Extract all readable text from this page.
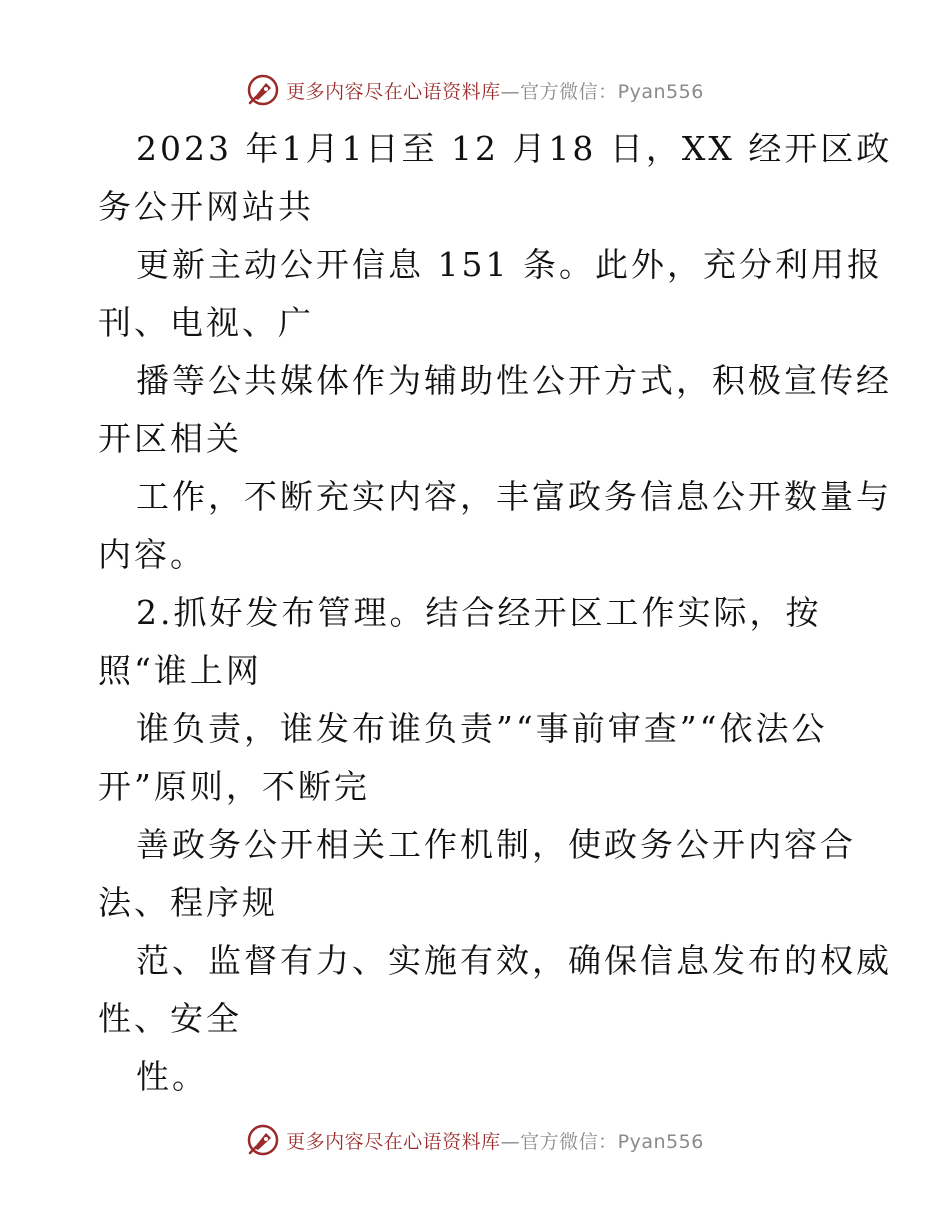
更多内容尽在心语资料库—官方微信：Pyan556
2023 年1月1日至 12 月18 日，XX 经开区政
务公开网站共
更新主动公开信息 151 条。此外，充分利用报
刊、电视、广
播等公共媒体作为辅助性公开方式，积极宣传经
开区相关
工作，不断充实内容，丰富政务信息公开数量与
内容。
2.抓好发布管理。结合经开区工作实际，按
照“谁上网
谁负责，谁发布谁负责”“事前审查”“依法公
开”原则，不断完
善政务公开相关工作机制，使政务公开内容合
法、程序规
范、监督有力、实施有效，确保信息发布的权威
性、安全
性。
更多内容尽在心语资料库—官方微信：Pyan556
